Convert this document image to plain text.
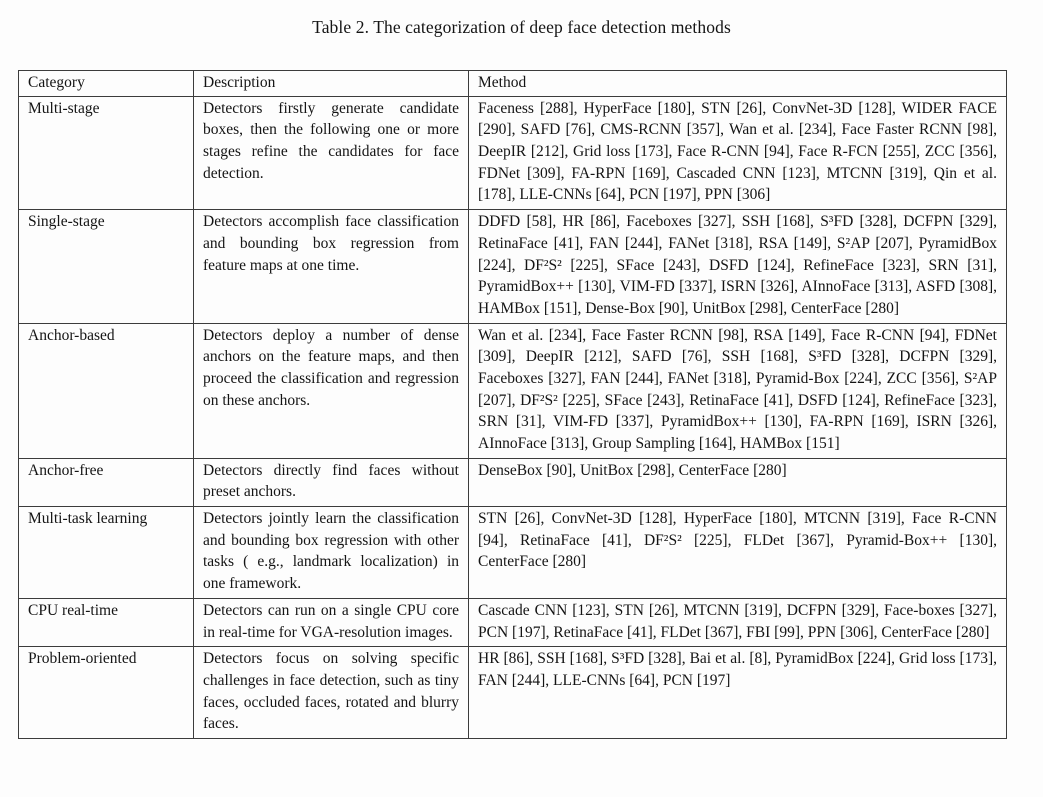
Table 2. The categorization of deep face detection methods
Category	Description	Method
Multi-stage	Detectors firstly generate candidate boxes, then the following one or more stages refine the candidates for face detection.	Faceness [288], HyperFace [180], STN [26], ConvNet-3D [128], WIDER FACE [290], SAFD [76], CMS-RCNN [357], Wan et al. [234], Face Faster RCNN [98], DeepIR [212], Grid loss [173], Face R-CNN [94], Face R-FCN [255], ZCC [356], FDNet [309], FA-RPN [169], Cascaded CNN [123], MTCNN [319], Qin et al. [178], LLE-CNNs [64], PCN [197], PPN [306]
Single-stage	Detectors accomplish face classification and bounding box regression from feature maps at one time.	DDFD [58], HR [86], Faceboxes [327], SSH [168], S³FD [328], DCFPN [329], RetinaFace [41], FAN [244], FANet [318], RSA [149], S²AP [207], PyramidBox [224], DF²S² [225], SFace [243], DSFD [124], RefineFace [323], SRN [31], PyramidBox++ [130], VIM-FD [337], ISRN [326], AInnoFace [313], ASFD [308], HAMBox [151], Dense-Box [90], UnitBox [298], CenterFace [280]
Anchor-based	Detectors deploy a number of dense anchors on the feature maps, and then proceed the classification and regression on these anchors.	Wan et al. [234], Face Faster RCNN [98], RSA [149], Face R-CNN [94], FDNet [309], DeepIR [212], SAFD [76], SSH [168], S³FD [328], DCFPN [329], Faceboxes [327], FAN [244], FANet [318], Pyramid-Box [224], ZCC [356], S²AP [207], DF²S² [225], SFace [243], RetinaFace [41], DSFD [124], RefineFace [323], SRN [31], VIM-FD [337], PyramidBox++ [130], FA-RPN [169], ISRN [326], AInnoFace [313], Group Sampling [164], HAMBox [151]
Anchor-free	Detectors directly find faces without preset anchors.	DenseBox [90], UnitBox [298], CenterFace [280]
Multi-task learning	Detectors jointly learn the classification and bounding box regression with other tasks ( e.g., landmark localization) in one framework.	STN [26], ConvNet-3D [128], HyperFace [180], MTCNN [319], Face R-CNN [94], RetinaFace [41], DF²S² [225], FLDet [367], Pyramid-Box++ [130], CenterFace [280]
CPU real-time	Detectors can run on a single CPU core in real-time for VGA-resolution images.	Cascade CNN [123], STN [26], MTCNN [319], DCFPN [329], Face-boxes [327], PCN [197], RetinaFace [41], FLDet [367], FBI [99], PPN [306], CenterFace [280]
Problem-oriented	Detectors focus on solving specific challenges in face detection, such as tiny faces, occluded faces, rotated and blurry faces.	HR [86], SSH [168], S³FD [328], Bai et al. [8], PyramidBox [224], Grid loss [173], FAN [244], LLE-CNNs [64], PCN [197]
